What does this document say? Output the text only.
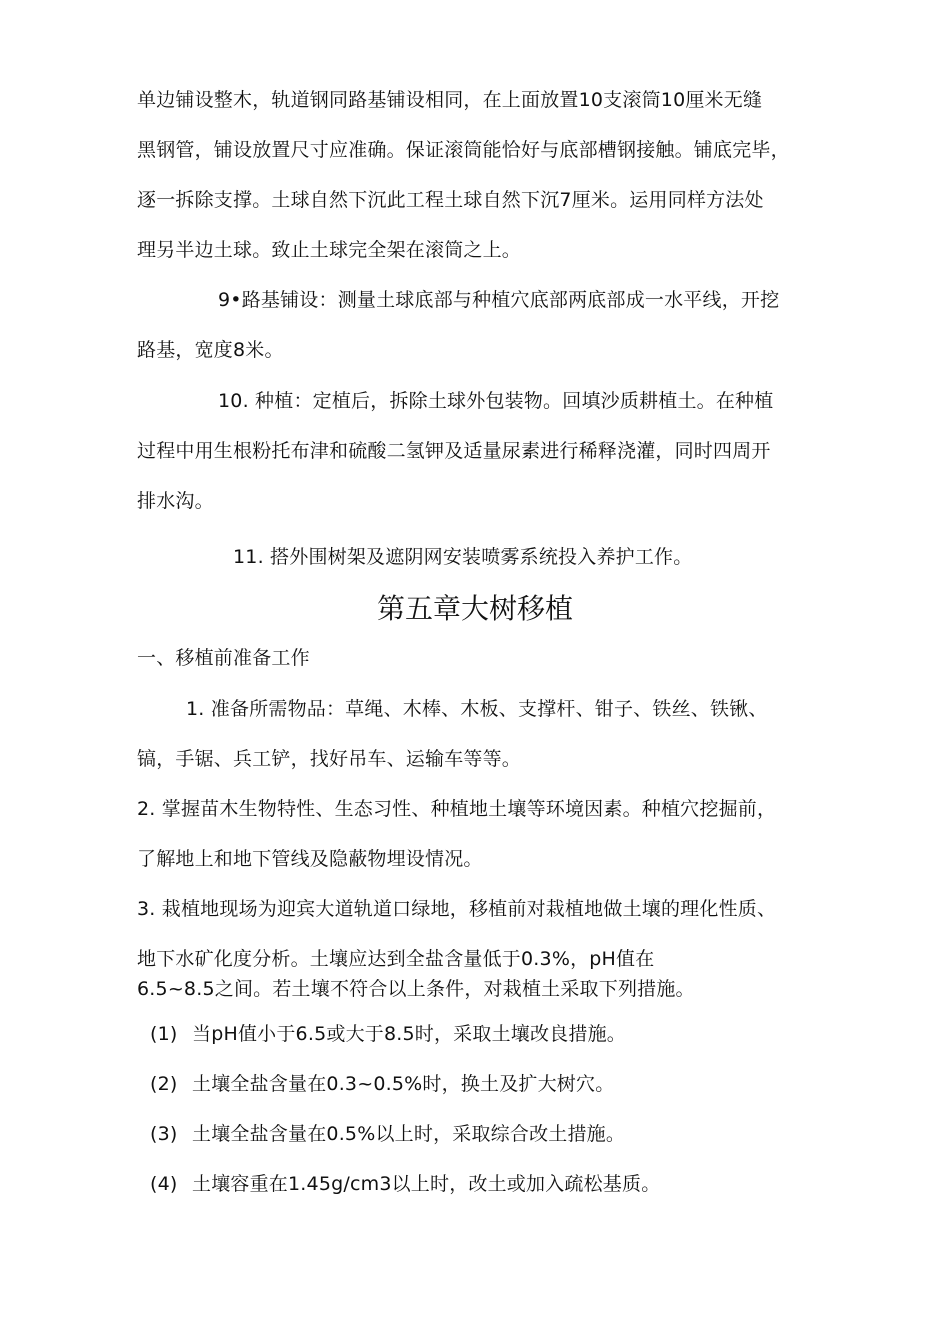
单边铺设整木，轨道钢同路基铺设相同，在上面放置10支滚筒10厘米无缝
黑钢管，铺设放置尺寸应准确。保证滚筒能恰好与底部槽钢接触。铺底完毕，
逐一拆除支撑。土球自然下沉此工程土球自然下沉7厘米。运用同样方法处
理另半边土球。致止土球完全架在滚筒之上。
9•路基铺设：测量土球底部与种植穴底部两底部成一水平线，开挖
路基，宽度8米。
10. 种植：定植后，拆除土球外包装物。回填沙质耕植土。在种植
过程中用生根粉托布津和硫酸二氢钾及适量尿素进行稀释浇灌，同时四周开
排水沟。
11. 搭外围树架及遮阴网安装喷雾系统投入养护工作。
第五章大树移植
一、移植前准备工作
1. 准备所需物品：草绳、木棒、木板、支撑杆、钳子、铁丝、铁锹、
镐，手锯、兵工铲，找好吊车、运输车等等。
2. 掌握苗木生物特性、生态习性、种植地土壤等环境因素。种植穴挖掘前，
了解地上和地下管线及隐蔽物埋设情况。
3. 栽植地现场为迎宾大道轨道口绿地，移植前对栽植地做土壤的理化性质、
地下水矿化度分析。土壤应达到全盐含量低于0.3%，pH值在
6.5~8.5之间。若土壤不符合以上条件，对栽植土采取下列措施。
(1) 当pH值小于6.5或大于8.5时，采取土壤改良措施。
(2) 土壤全盐含量在0.3~0.5%时，换土及扩大树穴。
(3) 土壤全盐含量在0.5%以上时，采取综合改土措施。
(4) 土壤容重在1.45g/cm3以上时，改土或加入疏松基质。
